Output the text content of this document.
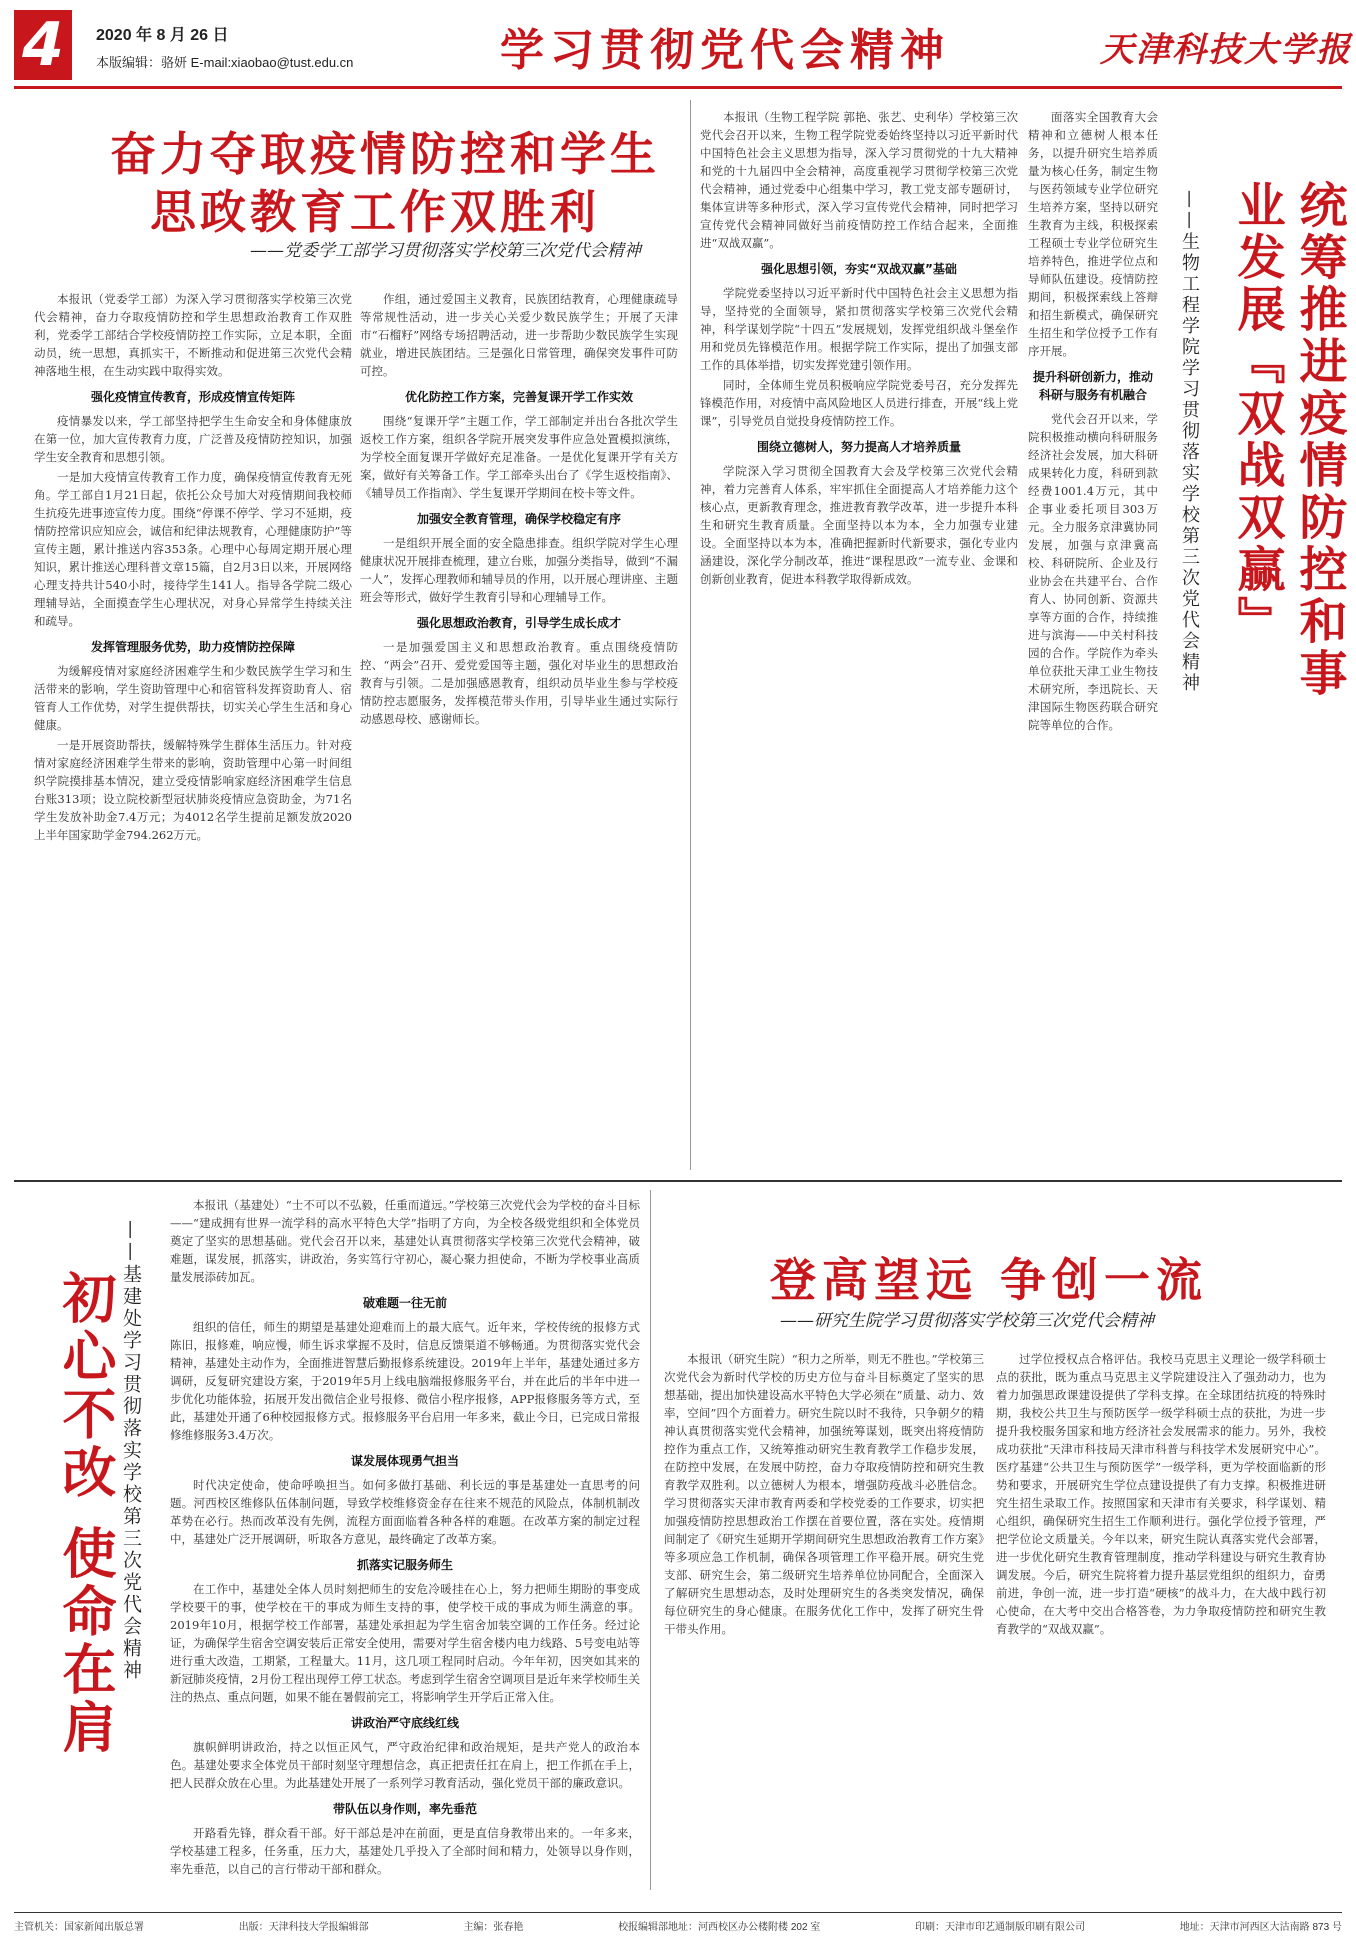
4	2020 年 8 月 26 日
本版编辑：骆妍 E-mail:xiaobao@tust.edu.cn	学习贯彻党代会精神	天津科技大学报
奋力夺取疫情防控和学生
思政教育工作双胜利
——党委学工部学习贯彻落实学校第三次党代会精神

本报讯（党委学工部）为深入学习贯彻落实学校第三次党代会精神，奋力夺取疫情防控和学生思想政治教育工作双胜利，党委学工部结合学校疫情防控工作实际，立足本职，全面动员，统一思想，真抓实干，不断推动和促进第三次党代会精神落地生根，在生动实践中取得实效。

强化疫情宣传教育，形成疫情宣传矩阵

疫情暴发以来，学工部坚持把学生生命安全和身体健康放在第一位，加大宣传教育力度，广泛普及疫情防控知识，加强学生安全教育和思想引领。

一是加大疫情宣传教育工作力度，确保疫情宣传教育无死角。学工部自1月21日起，依托公众号加大对疫情期间我校师生抗疫先进事迹宣传力度。围绕“停课不停学、学习不延期，疫情防控常识应知应会，诚信和纪律法规教育，心理健康防护”等宣传主题，累计推送内容353条。心理中心每周定期开展心理知识，累计推送心理科普文章15篇，自2月3日以来，开展网络心理支持共计540小时，接待学生141人。指导各学院二级心理辅导站，全面摸查学生心理状况，对身心异常学生持续关注和疏导。

发挥管理服务优势，助力疫情防控保障

为缓解疫情对家庭经济困难学生和少数民族学生学习和生活带来的影响，学生资助管理中心和宿管科发挥资助育人、宿管育人工作优势，对学生提供帮扶，切实关心学生生活和身心健康。

一是开展资助帮扶，缓解特殊学生群体生活压力。针对疫情对家庭经济困难学生带来的影响，资助管理中心第一时间组织学院摸排基本情况，建立受疫情影响家庭经济困难学生信息台账313项；设立院校新型冠状肺炎疫情应急资助金，为71名学生发放补助金7.4万元；为4012名学生提前足额发放2020上半年国家助学金794.262万元。

作组，通过爱国主义教育，民族团结教育，心理健康疏导等常规性活动，进一步关心关爱少数民族学生；开展了天津市“石榴籽”网络专场招聘活动，进一步帮助少数民族学生实现就业，增进民族团结。三是强化日常管理，确保突发事件可防可控。

优化防控工作方案，完善复课开学工作实效

围绕“复课开学”主题工作，学工部制定并出台各批次学生返校工作方案，组织各学院开展突发事件应急处置模拟演练，为学校全面复课开学做好充足准备。一是优化复课开学有关方案，做好有关筹备工作。学工部牵头出台了《学生返校指南》、《辅导员工作指南》、学生复课开学期间在校卡等文件。

加强安全教育管理，确保学校稳定有序

一是组织开展全面的安全隐患排查。组织学院对学生心理健康状况开展排查梳理，建立台账，加强分类指导，做到“不漏一人”，发挥心理教师和辅导员的作用，以开展心理讲座、主题班会等形式，做好学生教育引导和心理辅导工作。

强化思想政治教育，引导学生成长成才

一是加强爱国主义和思想政治教育。重点围绕疫情防控、“两会”召开、爱党爱国等主题，强化对毕业生的思想政治教育与引领。二是加强感恩教育，组织动员毕业生参与学校疫情防控志愿服务，发挥模范带头作用，引导毕业生通过实际行动感恩母校、感谢师长。

本报讯（生物工程学院 郭艳、张艺、史利华）学校第三次党代会召开以来，生物工程学院党委始终坚持以习近平新时代中国特色社会主义思想为指导，深入学习贯彻党的十九大精神和党的十九届四中全会精神，高度重视学习贯彻学校第三次党代会精神，通过党委中心组集中学习，教工党支部专题研讨，集体宣讲等多种形式，深入学习宣传党代会精神，同时把学习宣传党代会精神同做好当前疫情防控工作结合起来，全面推进“双战双赢”。

强化思想引领，夯实“双战双赢”基础

学院党委坚持以习近平新时代中国特色社会主义思想为指导，坚持党的全面领导，紧扣贯彻落实学校第三次党代会精神，科学谋划学院“十四五”发展规划，发挥党组织战斗堡垒作用和党员先锋模范作用。根据学院工作实际，提出了加强支部工作的具体举措，切实发挥党建引领作用。

同时，全体师生党员积极响应学院党委号召，充分发挥先锋模范作用，对疫情中高风险地区人员进行排查，开展“线上党课”，引导党员自觉投身疫情防控工作。

围绕立德树人，努力提高人才培养质量

学院深入学习贯彻全国教育大会及学校第三次党代会精神，着力完善育人体系，牢牢抓住全面提高人才培养能力这个核心点，更新教育理念，推进教育教学改革，进一步提升本科生和研究生教育质量。全面坚持以本为本，全力加强专业建设。全面坚持以本为本，准确把握新时代新要求，强化专业内涵建设，深化学分制改革，推进“课程思政”一流专业、金课和创新创业教育，促进本科教学取得新成效。

面落实全国教育大会精神和立德树人根本任务，以提升研究生培养质量为核心任务，制定生物与医药领域专业学位研究生培养方案，坚持以研究生教育为主线，积极探索工程硕士专业学位研究生培养特色，推进学位点和导师队伍建设。疫情防控期间，积极探索线上答辩和招生新模式，确保研究生招生和学位授予工作有序开展。

提升科研创新力，推动科研与服务有机融合

党代会召开以来，学院积极推动横向科研服务经济社会发展，加大科研成果转化力度，科研到款经费1001.4万元，其中企事业委托项目303万元。全力服务京津冀协同发展，加强与京津冀高校、科研院所、企业及行业协会在共建平台、合作育人、协同创新、资源共享等方面的合作，持续推进与滨海——中关村科技园的合作。学院作为牵头单位获批天津工业生物技术研究所，李迅院长、天津国际生物医药联合研究院等单位的合作。

统筹推进疫情防控和事业发展『双战双赢』
——生物工程学院学习贯彻落实学校第三次党代会精神
初心不改 使命在肩 ——基建处学习贯彻落实学校第三次党代会精神

本报讯（基建处）“士不可以不弘毅，任重而道远。”学校第三次党代会为学校的奋斗目标——“建成拥有世界一流学科的高水平特色大学”指明了方向，为全校各级党组织和全体党员奠定了坚实的思想基础。党代会召开以来，基建处认真贯彻落实学校第三次党代会精神，破难题，谋发展，抓落实，讲政治，务实笃行守初心，凝心聚力担使命，不断为学校事业高质量发展添砖加瓦。

破难题一往无前

组织的信任，师生的期望是基建处迎难而上的最大底气。近年来，学校传统的报修方式陈旧，报修难，响应慢，师生诉求掌握不及时，信息反馈渠道不够畅通。为贯彻落实党代会精神，基建处主动作为，全面推进智慧后勤报修系统建设。2019年上半年，基建处通过多方调研，反复研究建设方案，于2019年5月上线电脑端报修服务平台，并在此后的半年中进一步优化功能体验，拓展开发出微信企业号报修、微信小程序报修，APP报修服务等方式，至此，基建处开通了6种校园报修方式。报修服务平台启用一年多来，截止今日，已完成日常报修维修服务3.4万次。

谋发展体现勇气担当

时代决定使命，使命呼唤担当。如何多做打基础、利长远的事是基建处一直思考的问题。河西校区维修队伍体制问题，导致学校维修资金存在往来不规范的风险点，体制机制改革势在必行。热而改革没有先例，流程方面面临着各种各样的难题。在改革方案的制定过程中，基建处广泛开展调研，听取各方意见，最终确定了改革方案。

抓落实记服务师生

在工作中，基建处全体人员时刻把师生的安危冷暖挂在心上，努力把师生期盼的事变成学校要干的事，使学校在干的事成为师生支持的事，使学校干成的事成为师生满意的事。2019年10月，根据学校工作部署，基建处承担起为学生宿舍加装空调的工作任务。经过论证，为确保学生宿舍空调安装后正常安全使用，需要对学生宿舍楼内电力线路、5号变电站等进行重大改造，工期紧，工程量大。11月，这几项工程同时启动。今年年初，因突如其来的新冠肺炎疫情，2月份工程出现停工停工状态。考虑到学生宿舍空调项目是近年来学校师生关注的热点、重点问题，如果不能在暑假前完工，将影响学生开学后正常入住。

讲政治严守底线红线

旗帜鲜明讲政治，持之以恒正风气，严守政治纪律和政治规矩，是共产党人的政治本色。基建处要求全体党员干部时刻坚守理想信念，真正把责任扛在肩上，把工作抓在手上，把人民群众放在心里。为此基建处开展了一系列学习教育活动，强化党员干部的廉政意识。

带队伍以身作则，率先垂范

开路看先锋，群众看干部。好干部总是冲在前面，更是直信身教带出来的。一年多来，学校基建工程多，任务重，压力大，基建处几乎投入了全部时间和精力，处领导以身作则，率先垂范，以自己的言行带动干部和群众。

登高望远 争创一流
——研究生院学习贯彻落实学校第三次党代会精神

本报讯（研究生院）“积力之所举，则无不胜也。”学校第三次党代会为新时代学校的历史方位与奋斗目标奠定了坚实的思想基础，提出加快建设高水平特色大学必须在“质量、动力、效率，空间”四个方面着力。研究生院以时不我待，只争朝夕的精神认真贯彻落实党代会精神，加强统筹谋划，既突出将疫情防控作为重点工作，又统筹推动研究生教育教学工作稳步发展，在防控中发展，在发展中防控，奋力夺取疫情防控和研究生教育教学双胜利。以立德树人为根本，增强防疫战斗必胜信念。学习贯彻落实天津市教育两委和学校党委的工作要求，切实把加强疫情防控思想政治工作摆在首要位置，落在实处。疫情期间制定了《研究生延期开学期间研究生思想政治教育工作方案》等多项应急工作机制，确保各项管理工作平稳开展。研究生党支部、研究生会，第二级研究生培养单位协同配合，全面深入了解研究生思想动态，及时处理研究生的各类突发情况，确保每位研究生的身心健康。在服务优化工作中，发挥了研究生骨干带头作用。

过学位授权点合格评估。我校马克思主义理论一级学科硕士点的获批，既为重点马克思主义学院建设注入了强劲动力，也为着力加强思政课建设提供了学科支撑。在全球团结抗疫的特殊时期，我校公共卫生与预防医学一级学科硕士点的获批，为进一步提升我校服务国家和地方经济社会发展需求的能力。另外，我校成功获批“天津市科技局天津市科普与科技学术发展研究中心”。医疗基建“公共卫生与预防医学”一级学科，更为学校面临新的形势和要求，开展研究生学位点建设提供了有力支撑。积极推进研究生招生录取工作。按照国家和天津市有关要求，科学谋划、精心组织，确保研究生招生工作顺利进行。强化学位授予管理，严把学位论文质量关。今年以来，研究生院认真落实党代会部署，进一步优化研究生教育管理制度，推动学科建设与研究生教育协调发展。今后，研究生院将着力提升基层党组织的组织力，奋勇前进，争创一流，进一步打造“硬核”的战斗力，在大战中践行初心使命，在大考中交出合格答卷，为力争取疫情防控和研究生教育教学的“双战双赢”。

主管机关：国家新闻出版总署	出版：天津科技大学报编辑部	主编：张春艳	校报编辑部地址：河西校区办公楼附楼 202 室	印刷：天津市印艺通制版印刷有限公司	地址：天津市河西区大沽南路 873 号
